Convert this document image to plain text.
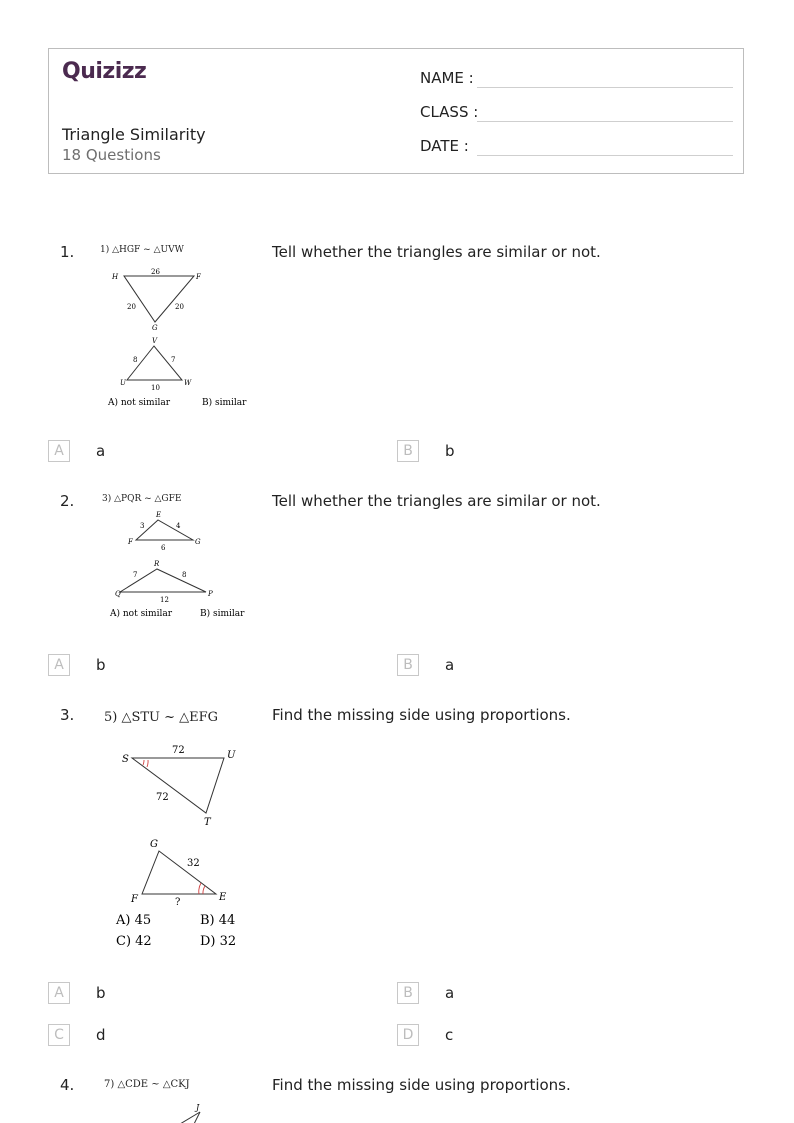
Quizizz
Triangle Similarity
18 Questions
NAME :
CLASS :
DATE :
1.	Tell whether the triangles are similar or not.
1) △HGF ~ △UVW
H
26
F
20	20
G
V
8	7
U
10
W
A) not similar	B) similar
A	a	B	b
2.	Tell whether the triangles are similar or not.
3) △PQR ~ △GFE
E
3	4
F
6
G
R
7	8
Q
12
P
A) not similar	B) similar
A	b	B	a
3.	Find the missing side using proportions.
5) △STU ~ △EFG
72
S	U
72
T
G
32
F	?	E
A) 45	B) 44
C) 42	D) 32
A	b	B	a
C	d	D	c
4.	Find the missing side using proportions.
7) △CDE ~ △CKJ
J
